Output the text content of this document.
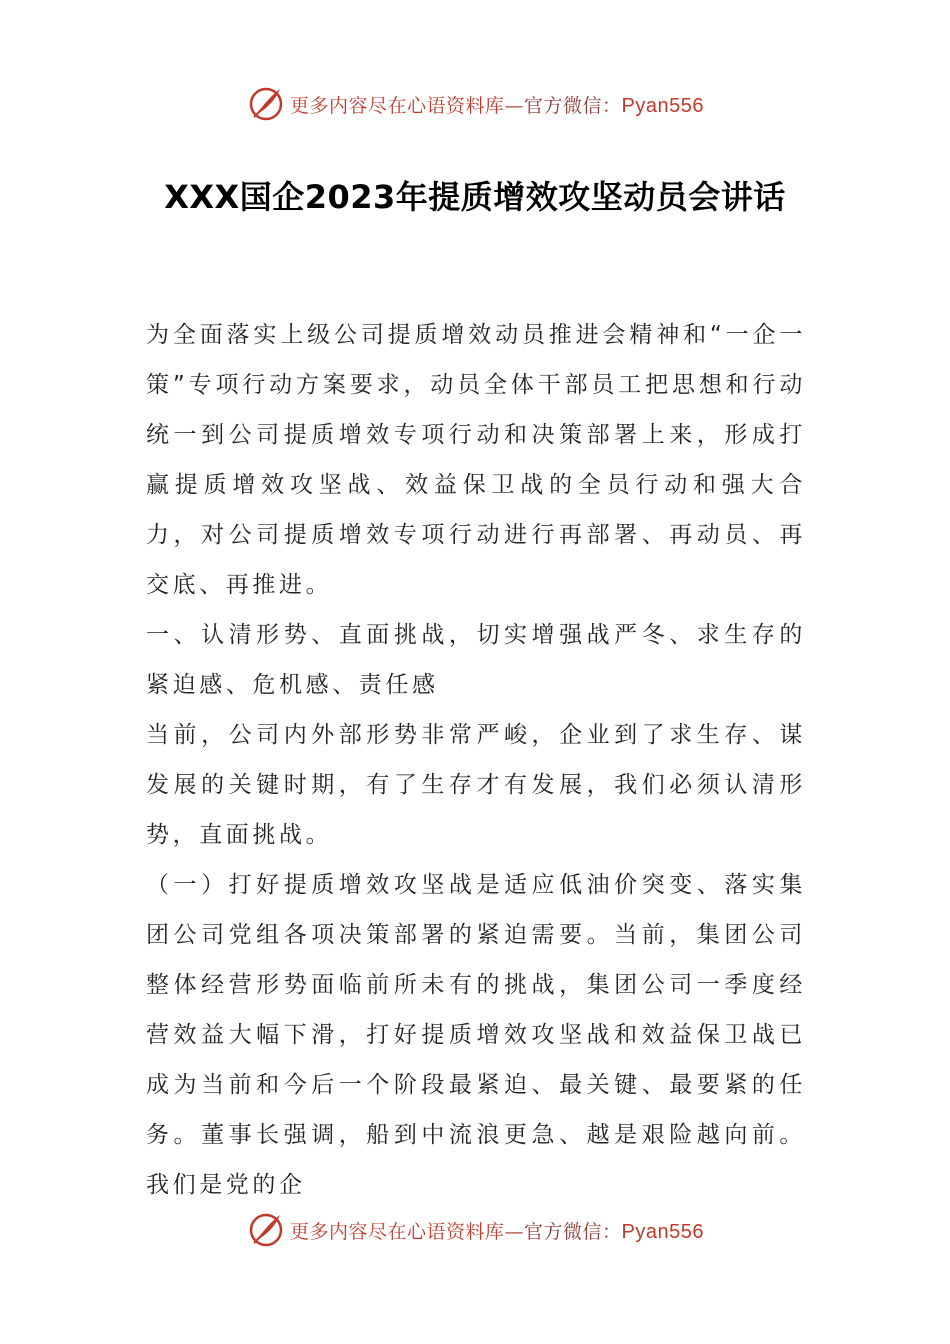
更多内容尽在心语资料库—官方微信：Pyan556
XXX国企2023年提质增效攻坚动员会讲话

为全面落实上级公司提质增效动员推进会精神和“一企一策”专项行动方案要求，动员全体干部员工把思想和行动统一到公司提质增效专项行动和决策部署上来，形成打赢提质增效攻坚战、效益保卫战的全员行动和强大合力，对公司提质增效专项行动进行再部署、再动员、再交底、再推进。

一、认清形势、直面挑战，切实增强战严冬、求生存的紧迫感、危机感、责任感

当前，公司内外部形势非常严峻，企业到了求生存、谋发展的关键时期，有了生存才有发展，我们必须认清形势，直面挑战。

（一）打好提质增效攻坚战是适应低油价突变、落实集团公司党组各项决策部署的紧迫需要。当前，集团公司整体经营形势面临前所未有的挑战，集团公司一季度经营效益大幅下滑，打好提质增效攻坚战和效益保卫战已成为当前和今后一个阶段最紧迫、最关键、最要紧的任务。董事长强调，船到中流浪更急、越是艰险越向前。我们是党的企

更多内容尽在心语资料库—官方微信：Pyan556
